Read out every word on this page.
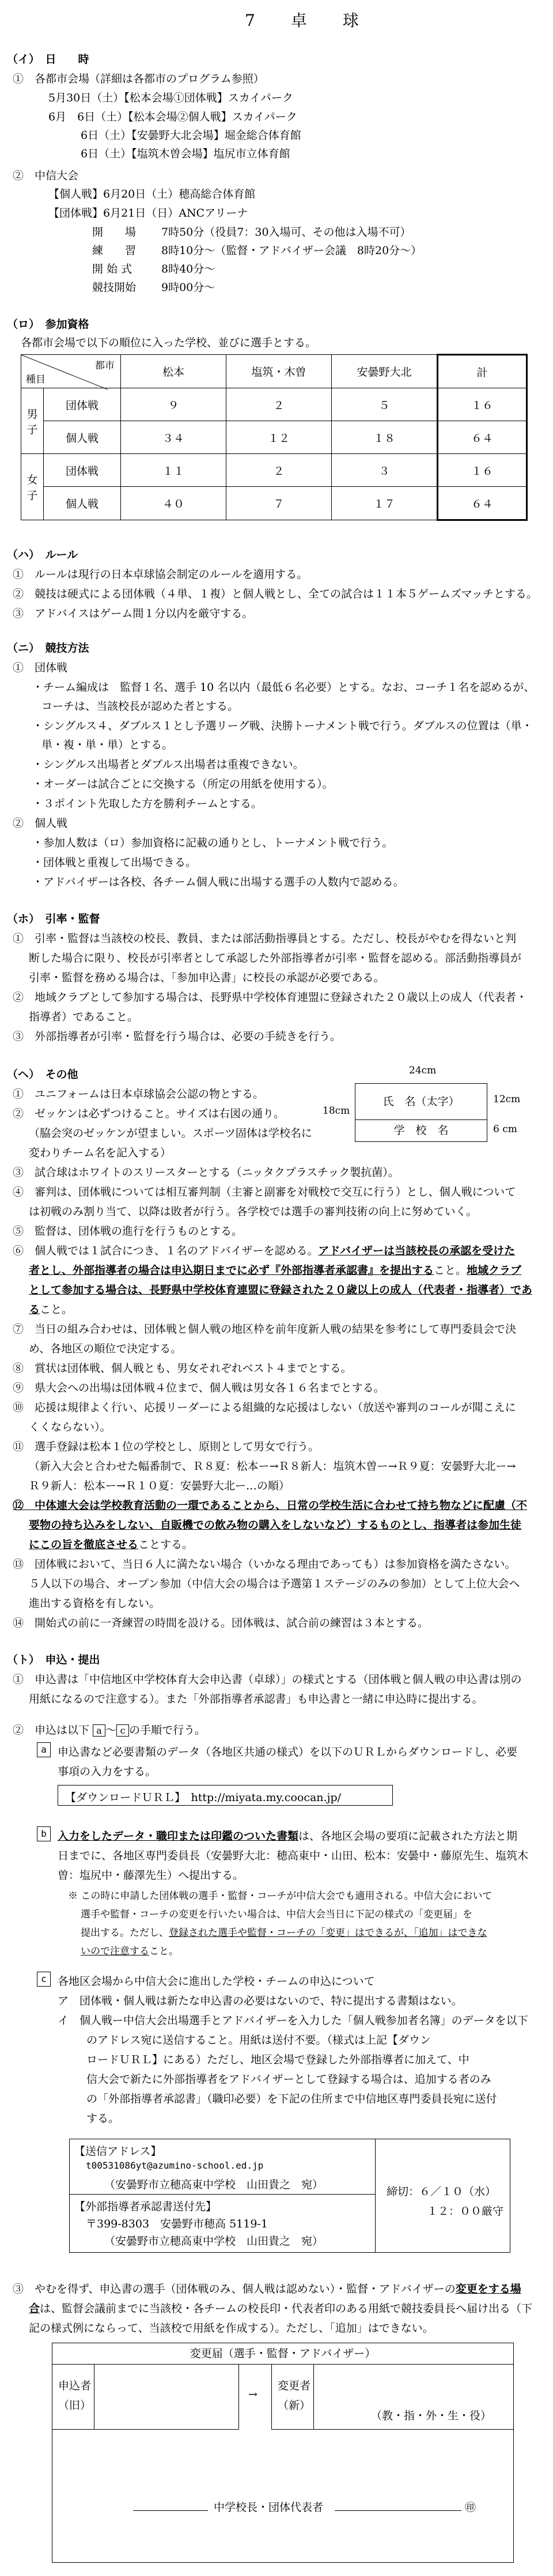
7　　卓　　球
（イ）　日　　時
①　各都市会場（詳細は各都市のプログラム参照）
5月30日（土）【松本会場①団体戦】スカイパーク
6月　6日（土）【松本会場②個人戦】スカイパーク
6日（土）【安曇野大北会場】堀金総合体育館
6日（土）【塩筑木曽会場】塩尻市立体育館
②　中信大会
【個人戦】6月20日（土）穂高総合体育館
【団体戦】6月21日（日）ANCアリーナ
開　　場 7時50分（役員7：30入場可、その他は入場不可）
練　　習 8時10分～（監督・アドバイザー会議　8時20分～）
開 始 式	8時40分～
競技開始 9時00分～
（ロ）　参加資格
各都市会場で以下の順位に入った学校、並びに選手とする。
都市
種目		松本	塩筑・木曽	安曇野大北	計
男子	団体戦	９	２	５	１６
	個人戦	３４	１２	１８	６４
女子	団体戦	１１	２	３	１６
	個人戦	４０	７	１７	６４
（ハ）　ルール
①　ルールは現行の日本卓球協会制定のルールを適用する。
②　競技は硬式による団体戦（４単、１複）と個人戦とし、全ての試合は１１本５ゲームズマッチとする。
③　アドバイスはゲーム間１分以内を厳守する。
（ニ）　競技方法
①　団体戦
・チーム編成は　監督１名、選手 10 名以内（最低６名必要）とする。なお、コーチ１名を認めるが、
コーチは、当該校長が認めた者とする。
・シングルス４、ダブルス１とし予選リーグ戦、決勝トーナメント戦で行う。ダブルスの位置は（単・
単・複・単・単）とする。
・シングルス出場者とダブルス出場者は重複できない。
・オーダーは試合ごとに交換する（所定の用紙を使用する）。
・３ポイント先取した方を勝利チームとする。
②　個人戦
・参加人数は（ロ）参加資格に記載の通りとし、トーナメント戦で行う。
・団体戦と重複して出場できる。
・アドバイザーは各校、各チーム個人戦に出場する選手の人数内で認める。
（ホ）　引率・監督
①　引率・監督は当該校の校長、教員、または部活動指導員とする。ただし、校長がやむを得ないと判
断した場合に限り、校長が引率者として承認した外部指導者が引率・監督を認める。部活動指導員が
引率・監督を務める場合は、「参加申込書」に校長の承認が必要である。
②　地域クラブとして参加する場合は、長野県中学校体育連盟に登録された２０歳以上の成人（代表者・
指導者）であること。
③　外部指導者が引率・監督を行う場合は、必要の手続きを行う。
（ヘ）　その他
①　ユニフォームは日本卓球協会公認の物とする。
②　ゼッケンは必ずつけること。サイズは右図の通り。
（脇会突のゼッケンが望ましい。スポーツ固体は学校名に
変わりチーム名を記入する）
24cm
氏　名（太字）
学　校　名
18cm
12cm
6 cm
③　試合球はホワイトのスリースターとする（ニッタクプラスチック製抗菌）。
④　審判は、団体戦については相互審判制（主審と副審を対戦校で交互に行う）とし、個人戦について
は初戦のみ割り当て、以降は敗者が行う。各学校では選手の審判技術の向上に努めていく。
⑤　監督は、団体戦の進行を行うものとする。
⑥　個人戦では１試合につき、１名のアドバイザーを認める。アドバイザーは当該校長の承認を受けた
者とし、外部指導者の場合は申込期日までに必ず『外部指導者承認書』を提出すること。地域クラブ
として参加する場合は、長野県中学校体育連盟に登録された２０歳以上の成人（代表者・指導者）であ
ること。
⑦　当日の組み合わせは、団体戦と個人戦の地区枠を前年度新人戦の結果を参考にして専門委員会で決
め、各地区の順位で決定する。
⑧　賞状は団体戦、個人戦とも、男女それぞれベスト４までとする。
⑨　県大会への出場は団体戦４位まで、個人戦は男女各１６名までとする。
⑩　応援は規律よく行い、応援リーダーによる組織的な応援はしない（放送や審判のコールが聞こえに
くくならない）。
⑪　選手登録は松本１位の学校とし、原則として男女で行う。
（新入大会と合わせた幅番制で、Ｒ８夏：松本ー→Ｒ８新人：塩筑木曽ー→Ｒ９夏：安曇野大北ー→
Ｒ９新人：松本ー→Ｒ１０夏：安曇野大北ー…の順）
⑫　中体連大会は学校教育活動の一環であることから、日常の学校生活に合わせて持ち物などに配慮（不
要物の持ち込みをしない、自販機での飲み物の購入をしないなど）するものとし、指導者は参加生徒
にこの旨を徹底させることする。
⑬　団体戦において、当日６人に満たない場合（いかなる理由であっても）は参加資格を満たさない。
５人以下の場合、オープン参加（中信大会の場合は予選第１ステージのみの参加）として上位大会へ
進出する資格を有しない。
⑭　開始式の前に一斉練習の時間を設ける。団体戦は、試合前の練習は３本とする。
（ト）　申込・提出
①　申込書は「中信地区中学校体育大会申込書（卓球）」の様式とする（団体戦と個人戦の申込書は別の
用紙になるので注意する）。また「外部指導者承認書」も申込書と一緒に申込時に提出する。
②　申込は以下 a ～ c の手順で行う。
a	申込書など必要書類のデータ（各地区共通の様式）を以下のＵＲＬからダウンロードし、必要
事項の入力をする。
【ダウンロードＵＲＬ】　http://miyata.my.coocan.jp/
b	入力をしたデータ・職印または印鑑のついた書類は、各地区会場の要項に記載された方法と期
日までに、各地区専門委員長（安曇野大北：穂高東中・山田、松本：安曇中・藤原先生、塩筑木
曽：塩尻中・藤澤先生）へ提出する。
※ この時に申請した団体戦の選手・監督・コーチが中信大会でも適用される。中信大会において
選手や監督・コーチの変更を行いたい場合は、中信大会当日に下記の様式の「変更届」を
提出する。ただし、登録された選手や監督・コーチの「変更」はできるが、「追加」はできな
いので注意すること。
c	各地区会場から中信大会に進出した学校・チームの申込について
ア　団体戦・個人戦は新たな申込書の必要はないので、特に提出する書類はない。
イ　個人戦ー中信大会出場選手とアドバイザーを入力した「個人戦参加者名簿」のデータを以下
のアドレス宛に送信すること。用紙は送付不要。（様式は上記【ダウン
ロードＵＲＬ】にある）ただし、地区会場で登録した外部指導者に加えて、中
信大会で新たに外部指導者をアドバイザーとして登録する場合は、追加する者のみ
の「外部指導者承認書」（職印必要）を下記の住所まで中信地区専門委員長宛に送付
する。
【送信アドレス】
t00531086yt@azumino-school.ed.jp
（安曇野市立穂高東中学校　山田貴之　宛）
【外部指導者承認書送付先】
〒399-8303　安曇野市穂高 5119-1
（安曇野市立穂高東中学校　山田貴之　宛）
締切：６／１０（水）
１２：００厳守
③　やむを得ず、申込書の選手（団体戦のみ、個人戦は認めない）・監督・アドバイザーの変更をする場
合は、監督会議前までに当該校・各チームの校長印・代表者印のある用紙で競技委員長へ届け出る（下
記の様式例にならって、当該校で用紙を作成する）。ただし、「追加」はできない。
変更届（選手・監督・アドバイザー）
申込者
（旧）
→
変更者
（新）
（教・指・外・生・役）
中学校長・団体代表者	㊞
